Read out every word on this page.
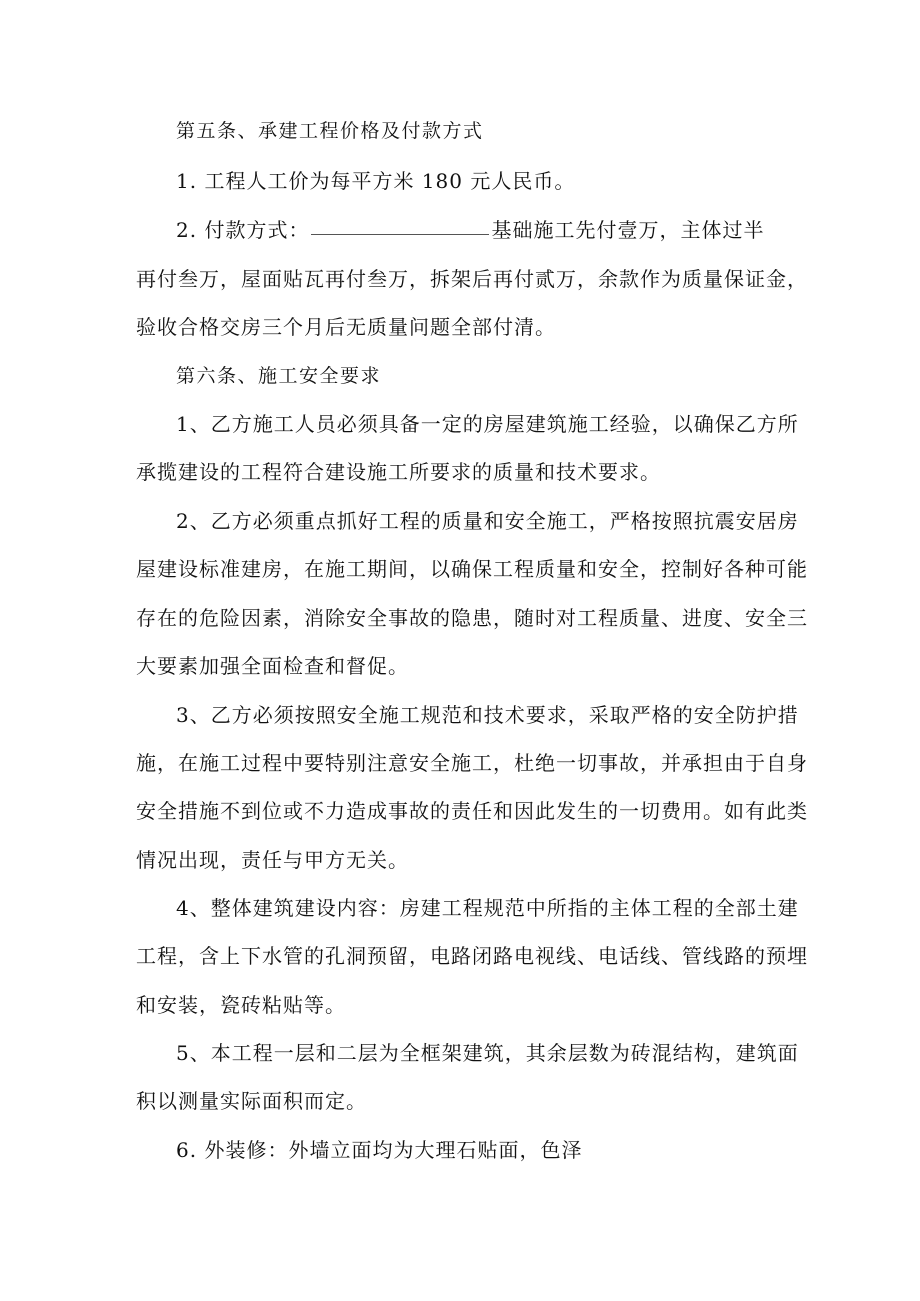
第五条、承建工程价格及付款方式
1. 工程人工价为每平方米 180 元人民币。
2. 付款方式：	基础施工先付壹万，主体过半
再付叁万，屋面贴瓦再付叁万，拆架后再付贰万，余款作为质量保证金，
验收合格交房三个月后无质量问题全部付清。
第六条、施工安全要求
1、乙方施工人员必须具备一定的房屋建筑施工经验，以确保乙方所
承揽建设的工程符合建设施工所要求的质量和技术要求。
2、乙方必须重点抓好工程的质量和安全施工，严格按照抗震安居房
屋建设标准建房，在施工期间，以确保工程质量和安全，控制好各种可能
存在的危险因素，消除安全事故的隐患，随时对工程质量、进度、安全三
大要素加强全面检查和督促。
3、乙方必须按照安全施工规范和技术要求，采取严格的安全防护措
施，在施工过程中要特别注意安全施工，杜绝一切事故，并承担由于自身
安全措施不到位或不力造成事故的责任和因此发生的一切费用。如有此类
情况出现，责任与甲方无关。
4、整体建筑建设内容：房建工程规范中所指的主体工程的全部土建
工程，含上下水管的孔洞预留，电路闭路电视线、电话线、管线路的预埋
和安装，瓷砖粘贴等。
5、本工程一层和二层为全框架建筑，其余层数为砖混结构，建筑面
积以测量实际面积而定。
6. 外装修：外墙立面均为大理石贴面，色泽
